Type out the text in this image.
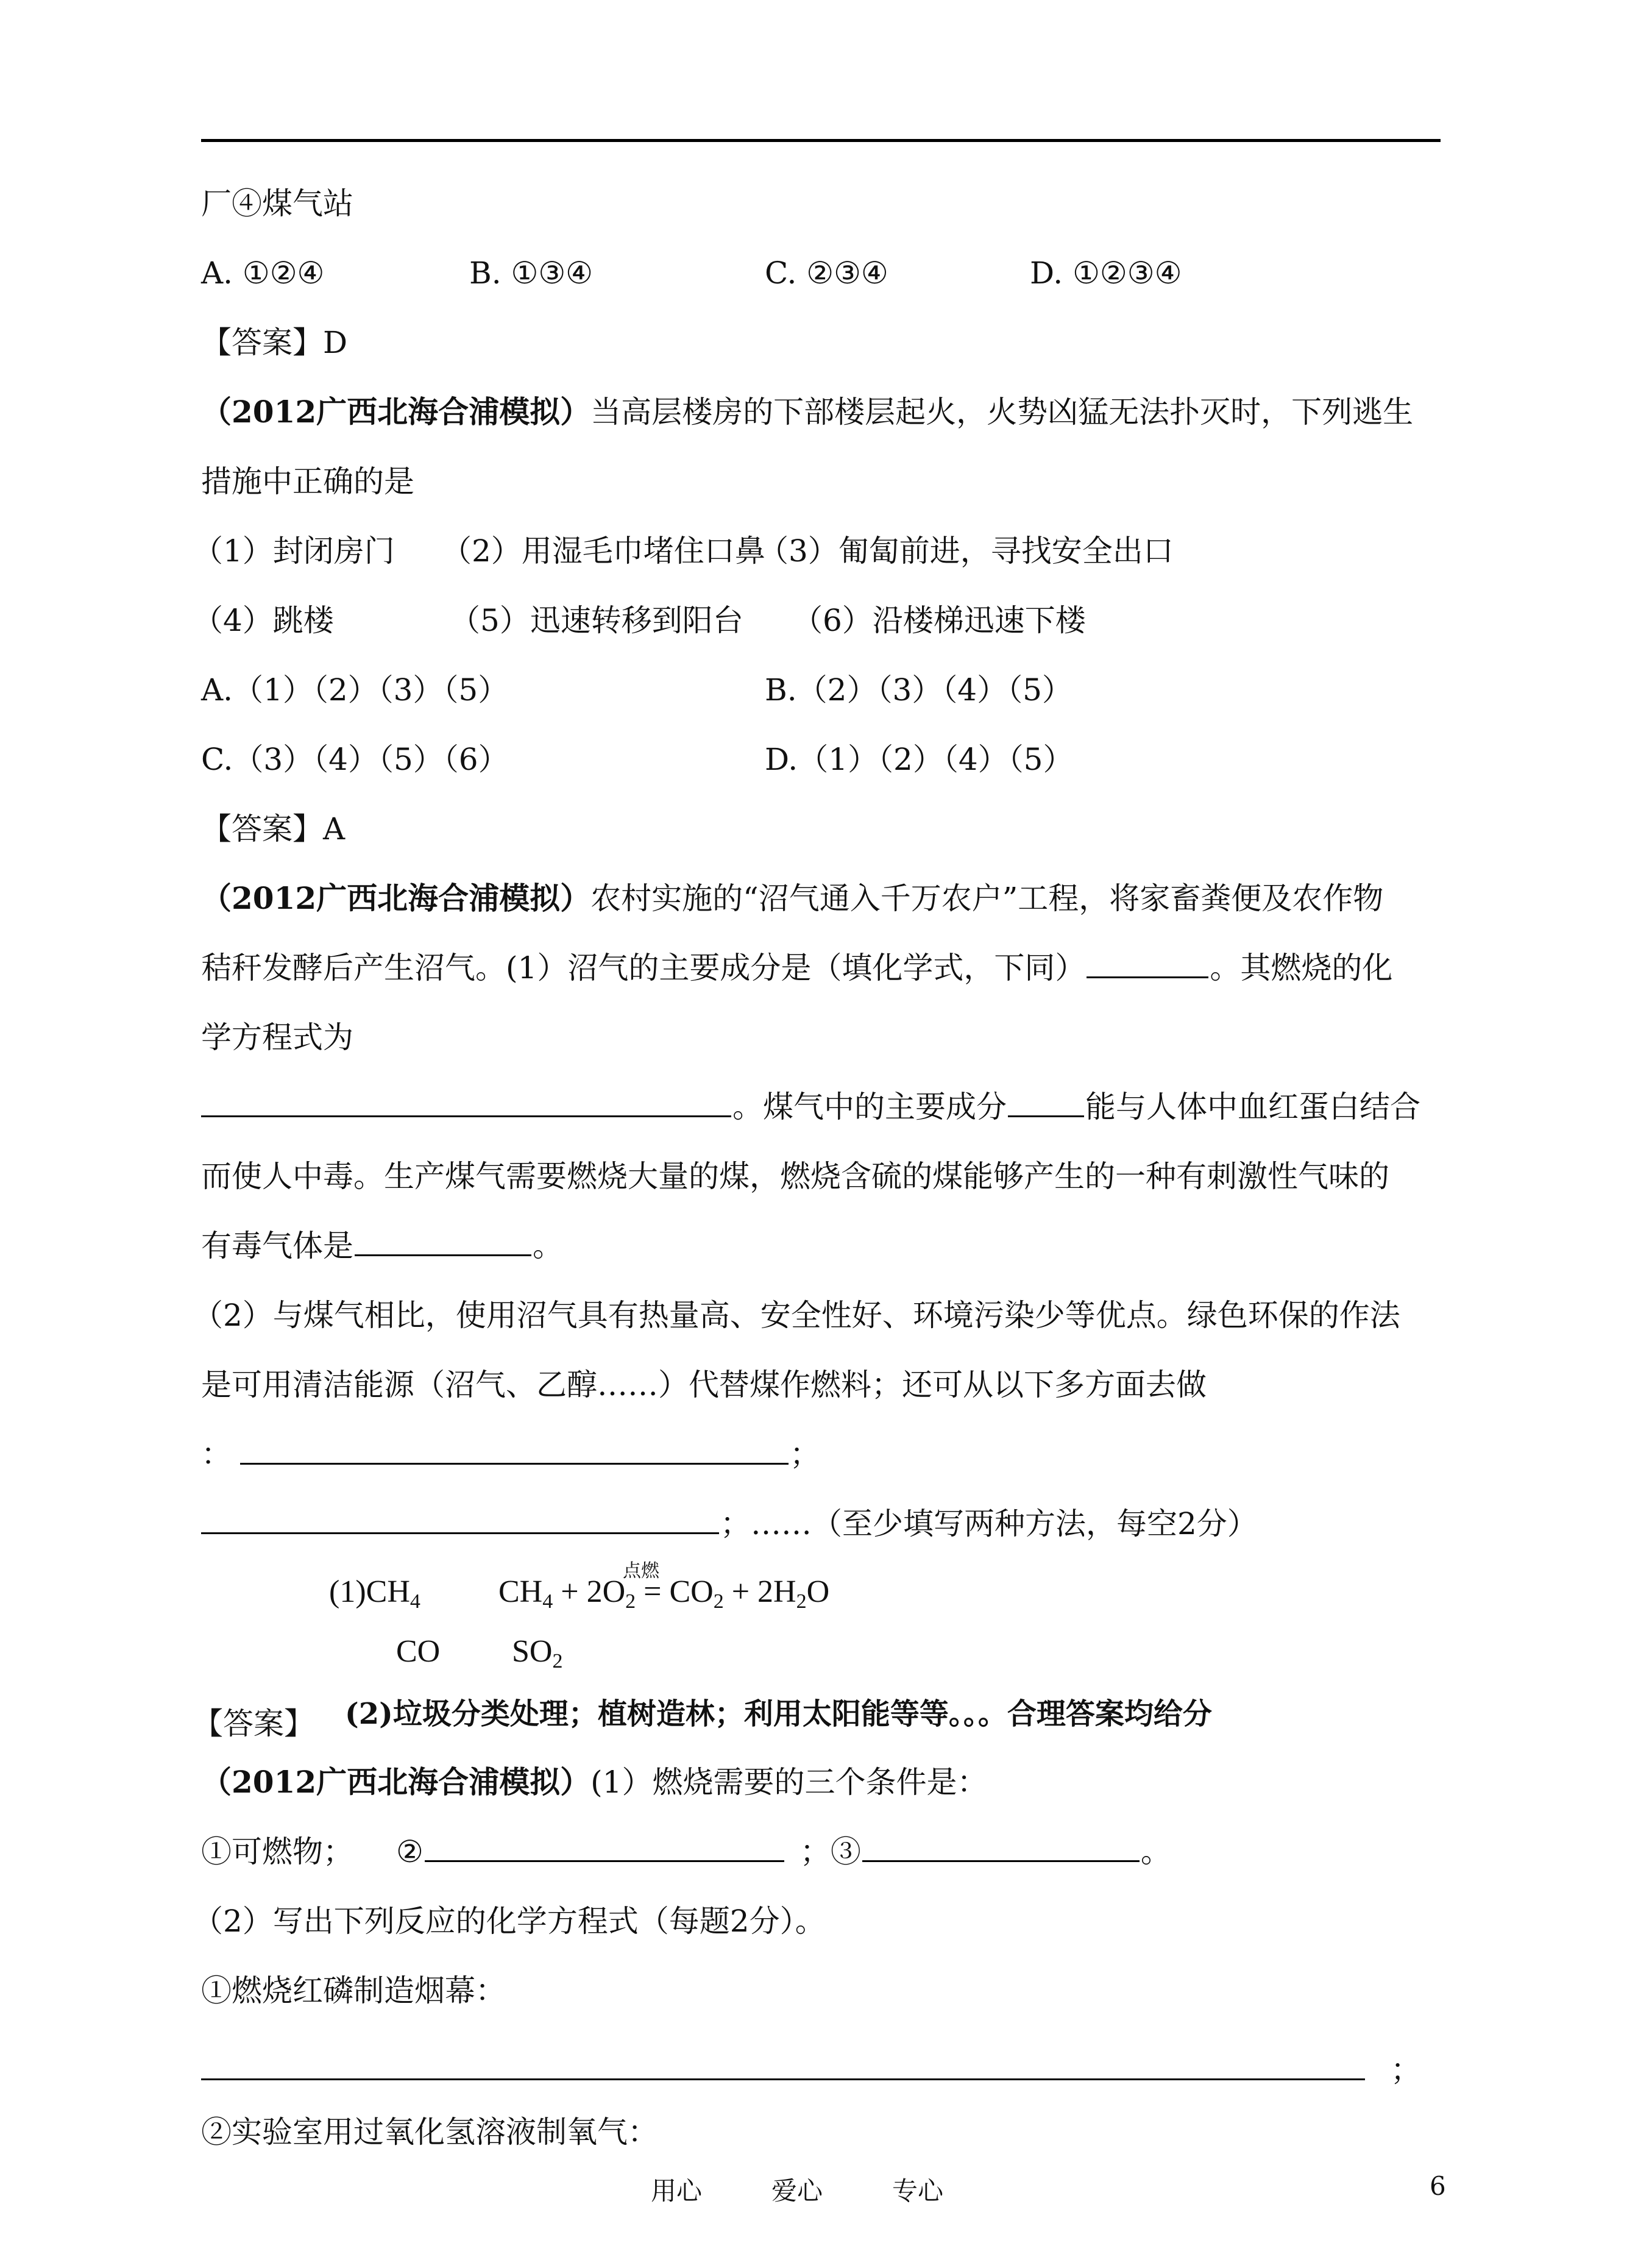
厂④煤气站
A. ①②④	B. ①③④	C. ②③④	D. ①②③④
【答案】D
（2012广西北海合浦模拟）当高层楼房的下部楼层起火，火势凶猛无法扑灭时，下列逃生
措施中正确的是
（1）封闭房门 （2）用湿毛巾堵住口鼻
（3）匍匐前进，寻找安全出口
（4）跳楼	（5）迅速转移到阳台 （6）沿楼梯迅速下楼
A.（1）（2）（3）（5）	B.（2）（3）（4）（5）
C.（3）（4）（5）（6）	D.（1）（2）（4）（5）
【答案】A
（2012广西北海合浦模拟）农村实施的“沼气通入千万农户”工程，将家畜粪便及农作物
秸秆发酵后产生沼气。(1）沼气的主要成分是（填化学式，下同）	。其燃烧的化
学方程式为
。煤气中的主要成分	能与人体中血红蛋白结合
而使人中毒。生产煤气需要燃烧大量的煤，燃烧含硫的煤能够产生的一种有刺激性气味的
有毒气体是	。
（2）与煤气相比，使用沼气具有热量高、安全性好、环境污染少等优点。绿色环保的作法
是可用清洁能源（沼气、乙醇……）代替煤作燃料；还可从以下多方面去做
：	；
；……（至少填写两种方法，每空2分）
(1)CH4
点燃
CH4 + 2O2 = CO2 + 2H2O
CO SO2
【答案】 (2)垃圾分类处理；植树造林；利用太阳能等等。。。合理答案均给分
（2012广西北海合浦模拟）(1）燃烧需要的三个条件是：
①可燃物； ②	；③	。
（2）写出下列反应的化学方程式（每题2分）。
①燃烧红磷制造烟幕：
；
②实验室用过氧化氢溶液制氧气：
用心	爱心	专心	6
